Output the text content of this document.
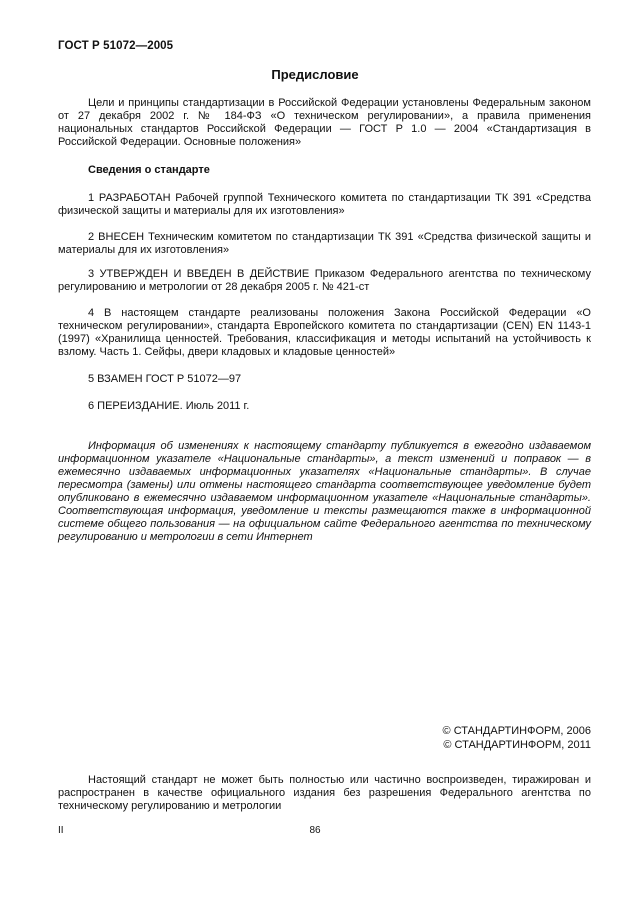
ГОСТ Р 51072—2005
Предисловие
Цели и принципы стандартизации в Российской Федерации установлены Федеральным законом от 27 декабря 2002 г. № 184-ФЗ «О техническом регулировании», а правила применения национальных стандартов Российской Федерации — ГОСТ Р 1.0 — 2004 «Стандартизация в Российской Федерации. Основные положения»
Сведения о стандарте
1 РАЗРАБОТАН Рабочей группой Технического комитета по стандартизации ТК 391 «Средства физической защиты и материалы для их изготовления»
2 ВНЕСЕН Техническим комитетом по стандартизации ТК 391 «Средства физической защиты и материалы для их изготовления»
3 УТВЕРЖДЕН И ВВЕДЕН В ДЕЙСТВИЕ Приказом Федерального агентства по техническому регулированию и метрологии от 28 декабря 2005 г. № 421-ст
4 В настоящем стандарте реализованы положения Закона Российской Федерации «О техническом регулировании», стандарта Европейского комитета по стандартизации (CEN) EN 1143-1 (1997) «Хранилища ценностей. Требования, классификация и методы испытаний на устойчивость к взлому. Часть 1. Сейфы, двери кладовых и кладовые ценностей»
5 ВЗАМЕН ГОСТ Р 51072—97
6 ПЕРЕИЗДАНИЕ. Июль 2011 г.
Информация об изменениях к настоящему стандарту публикуется в ежегодно издаваемом информационном указателе «Национальные стандарты», а текст изменений и поправок — в ежемесячно издаваемых информационных указателях «Национальные стандарты». В случае пересмотра (замены) или отмены настоящего стандарта соответствующее уведомление будет опубликовано в ежемесячно издаваемом информационном указателе «Национальные стандарты». Соответствующая информация, уведомление и тексты размещаются также в информационной системе общего пользования — на официальном сайте Федерального агентства по техническому регулированию и метрологии в сети Интернет
© СТАНДАРТИНФОРМ, 2006
© СТАНДАРТИНФОРМ, 2011
Настоящий стандарт не может быть полностью или частично воспроизведен, тиражирован и распространен в качестве официального издания без разрешения Федерального агентства по техническому регулированию и метрологии
II	86
